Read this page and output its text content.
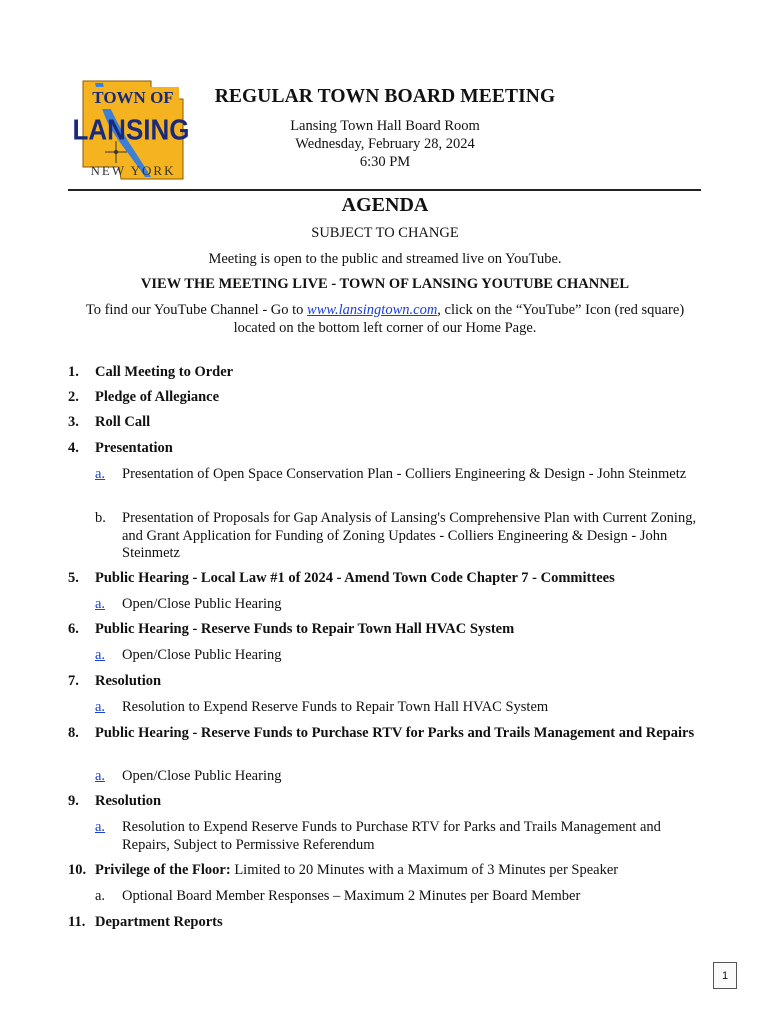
TOWN OF
LANSING
NEW YORK
REGULAR TOWN BOARD MEETING
Lansing Town Hall Board Room
Wednesday, February 28, 2024
6:30 PM
AGENDA
SUBJECT TO CHANGE
Meeting is open to the public and streamed live on YouTube.
VIEW THE MEETING LIVE - TOWN OF LANSING YOUTUBE CHANNEL
To find our YouTube Channel - Go to www.lansingtown.com, click on the “YouTube” Icon (red square)
located on the bottom left corner of our Home Page.
1. Call Meeting to Order
2. Pledge of Allegiance
3. Roll Call
4. Presentation
a. Presentation of Open Space Conservation Plan - Colliers Engineering & Design - John Steinmetz
b. Presentation of Proposals for Gap Analysis of Lansing's Comprehensive Plan with Current Zoning, and Grant Application for Funding of Zoning Updates - Colliers Engineering & Design - John Steinmetz
5. Public Hearing - Local Law #1 of 2024 - Amend Town Code Chapter 7 - Committees
a. Open/Close Public Hearing
6. Public Hearing - Reserve Funds to Repair Town Hall HVAC System
a. Open/Close Public Hearing
7. Resolution
a. Resolution to Expend Reserve Funds to Repair Town Hall HVAC System
8. Public Hearing - Reserve Funds to Purchase RTV for Parks and Trails Management and Repairs
a. Open/Close Public Hearing
9. Resolution
a. Resolution to Expend Reserve Funds to Purchase RTV for Parks and Trails Management and Repairs, Subject to Permissive Referendum
10. Privilege of the Floor: Limited to 20 Minutes with a Maximum of 3 Minutes per Speaker
a. Optional Board Member Responses – Maximum 2 Minutes per Board Member
11. Department Reports
1
